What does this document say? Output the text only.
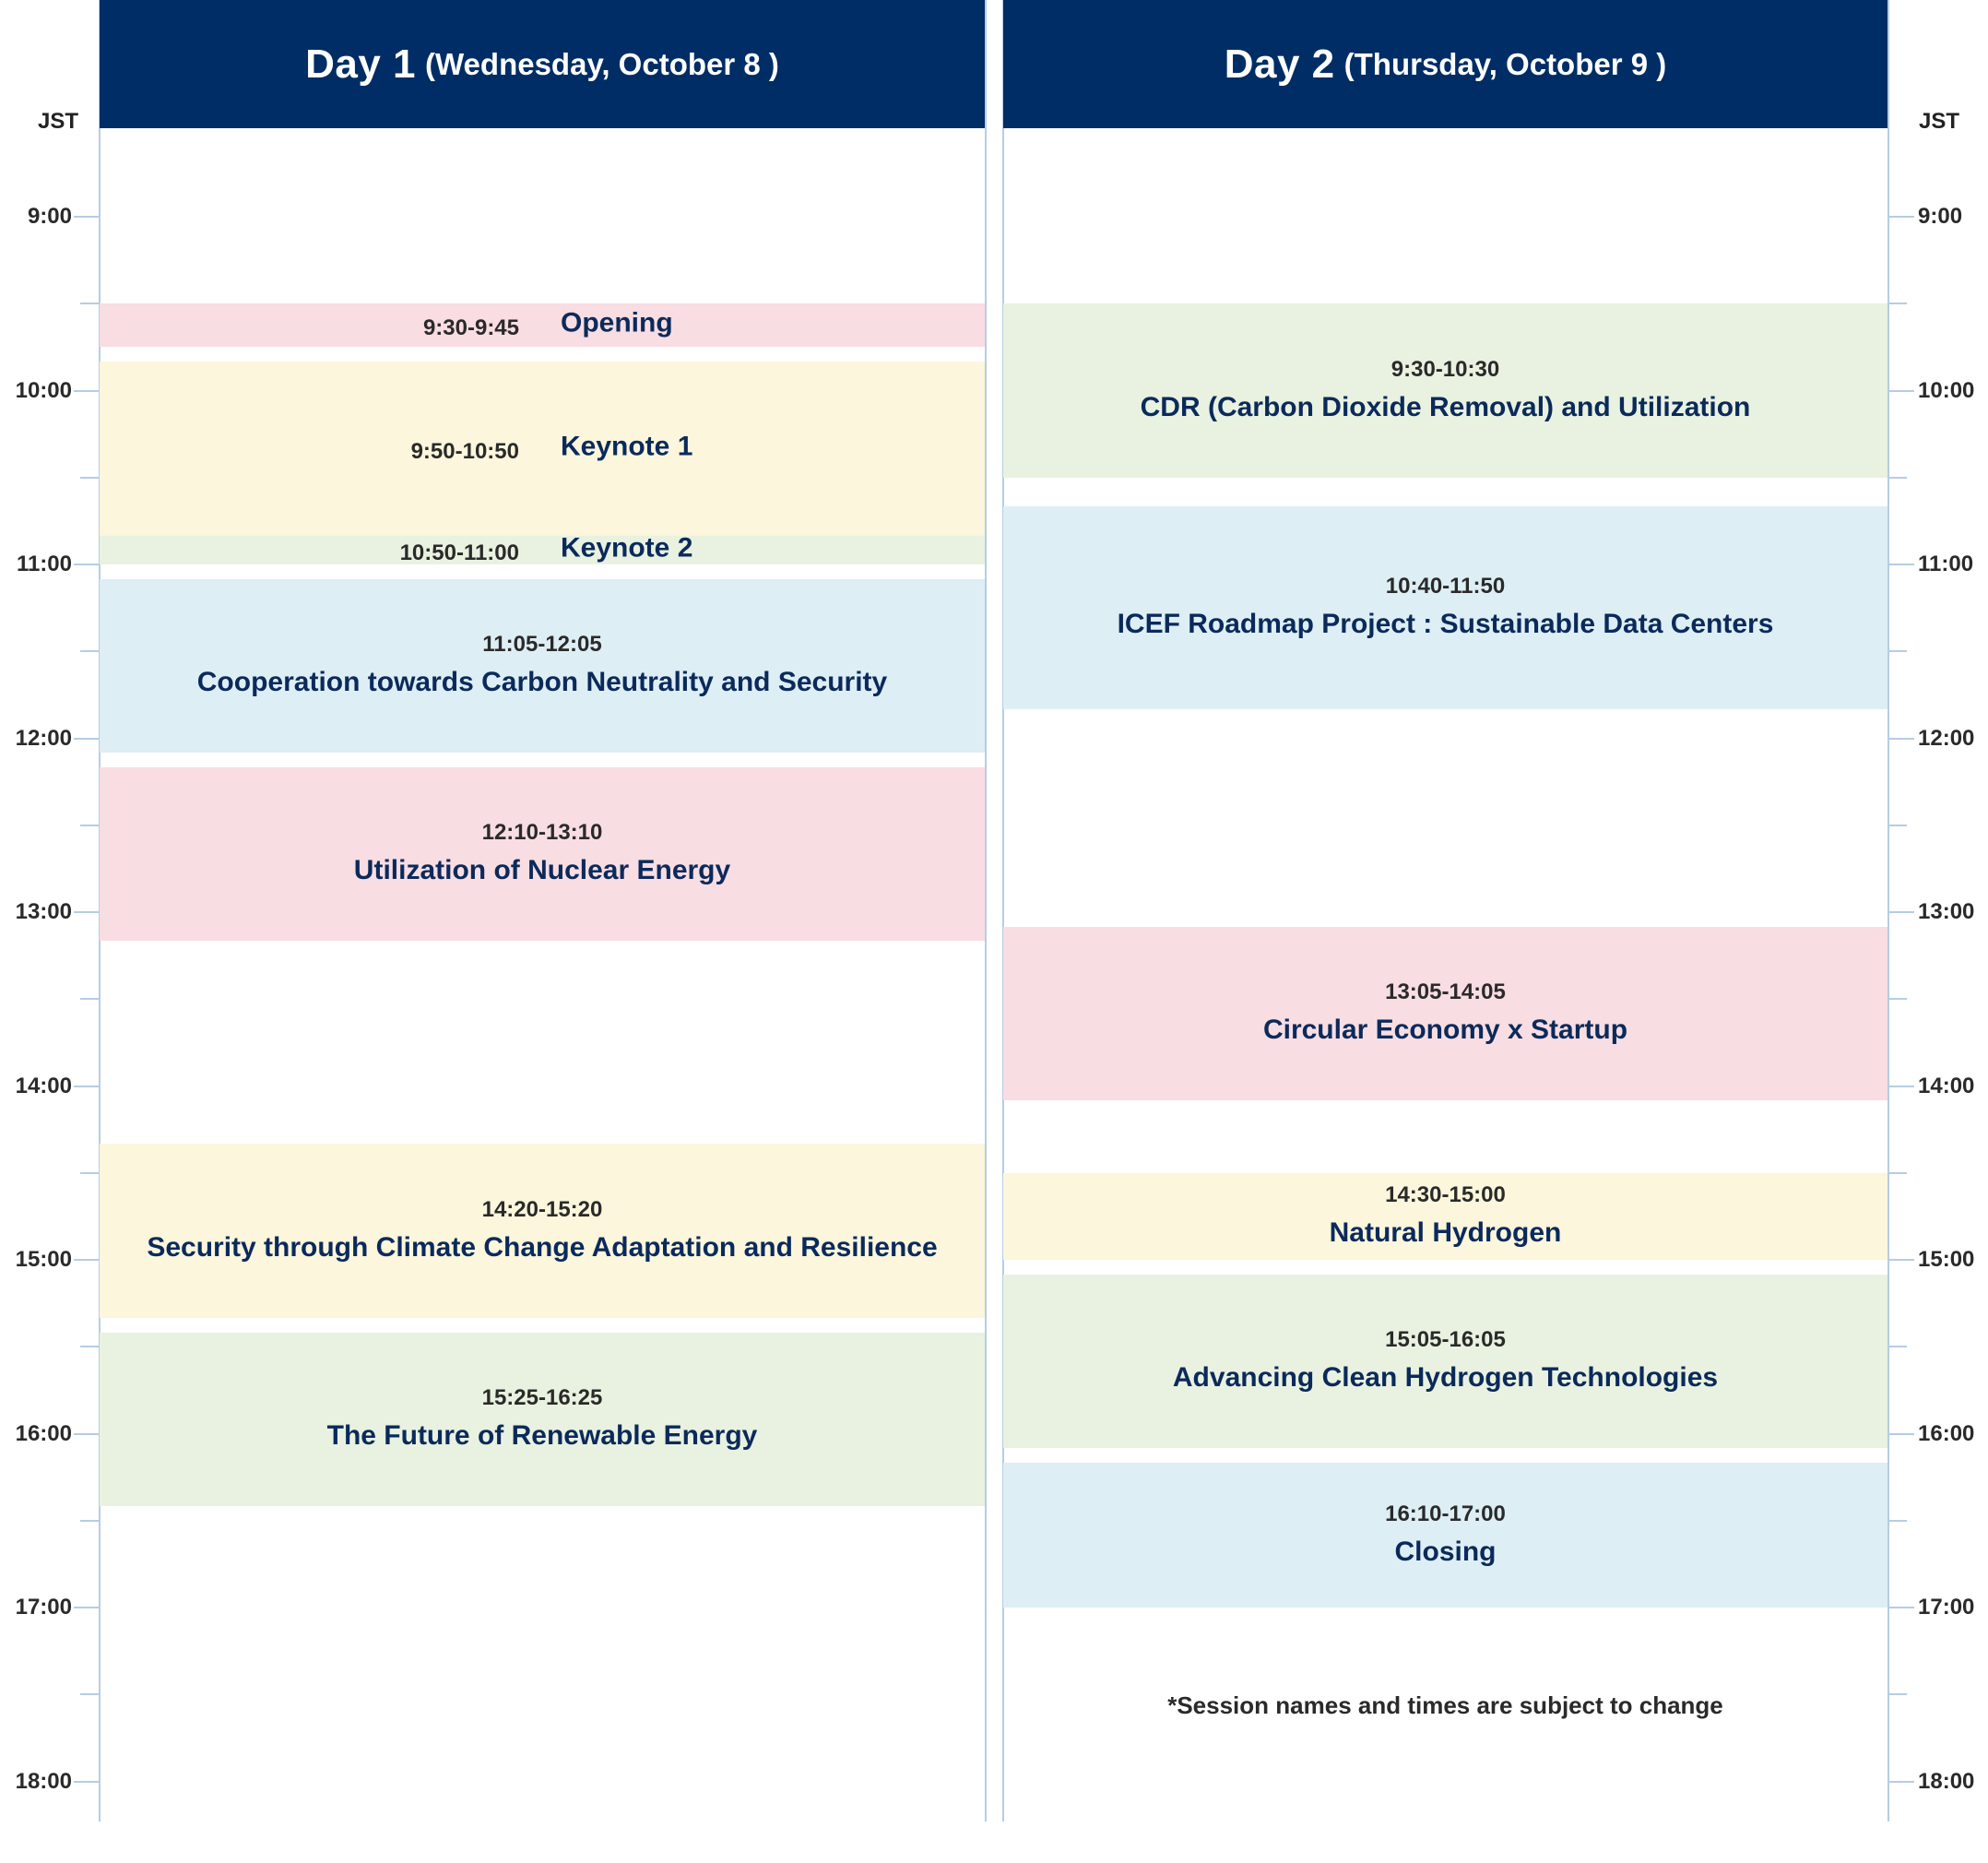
JST	JST
Day 1 (Wednesday, October 8 )	Day 2 (Thursday, October 9 )
9:00	9:00
10:00	10:00
11:00	11:00
12:00	12:00
13:00	13:00
14:00	14:00
15:00	15:00
16:00	16:00
17:00	17:00
18:00	18:00
9:30-9:45 Opening
9:50-10:50 Keynote 1
10:50-11:00 Keynote 2
11:05-12:05
Cooperation towards Carbon Neutrality and Security
12:10-13:10
Utilization of Nuclear Energy
14:20-15:20
Security through Climate Change Adaptation and Resilience
15:25-16:25
The Future of Renewable Energy
9:30-10:30
CDR (Carbon Dioxide Removal) and Utilization
10:40-11:50
ICEF Roadmap Project : Sustainable Data Centers
13:05-14:05
Circular Economy x Startup
14:30-15:00
Natural Hydrogen
15:05-16:05
Advancing Clean Hydrogen Technologies
16:10-17:00
Closing
*Session names and times are subject to change
